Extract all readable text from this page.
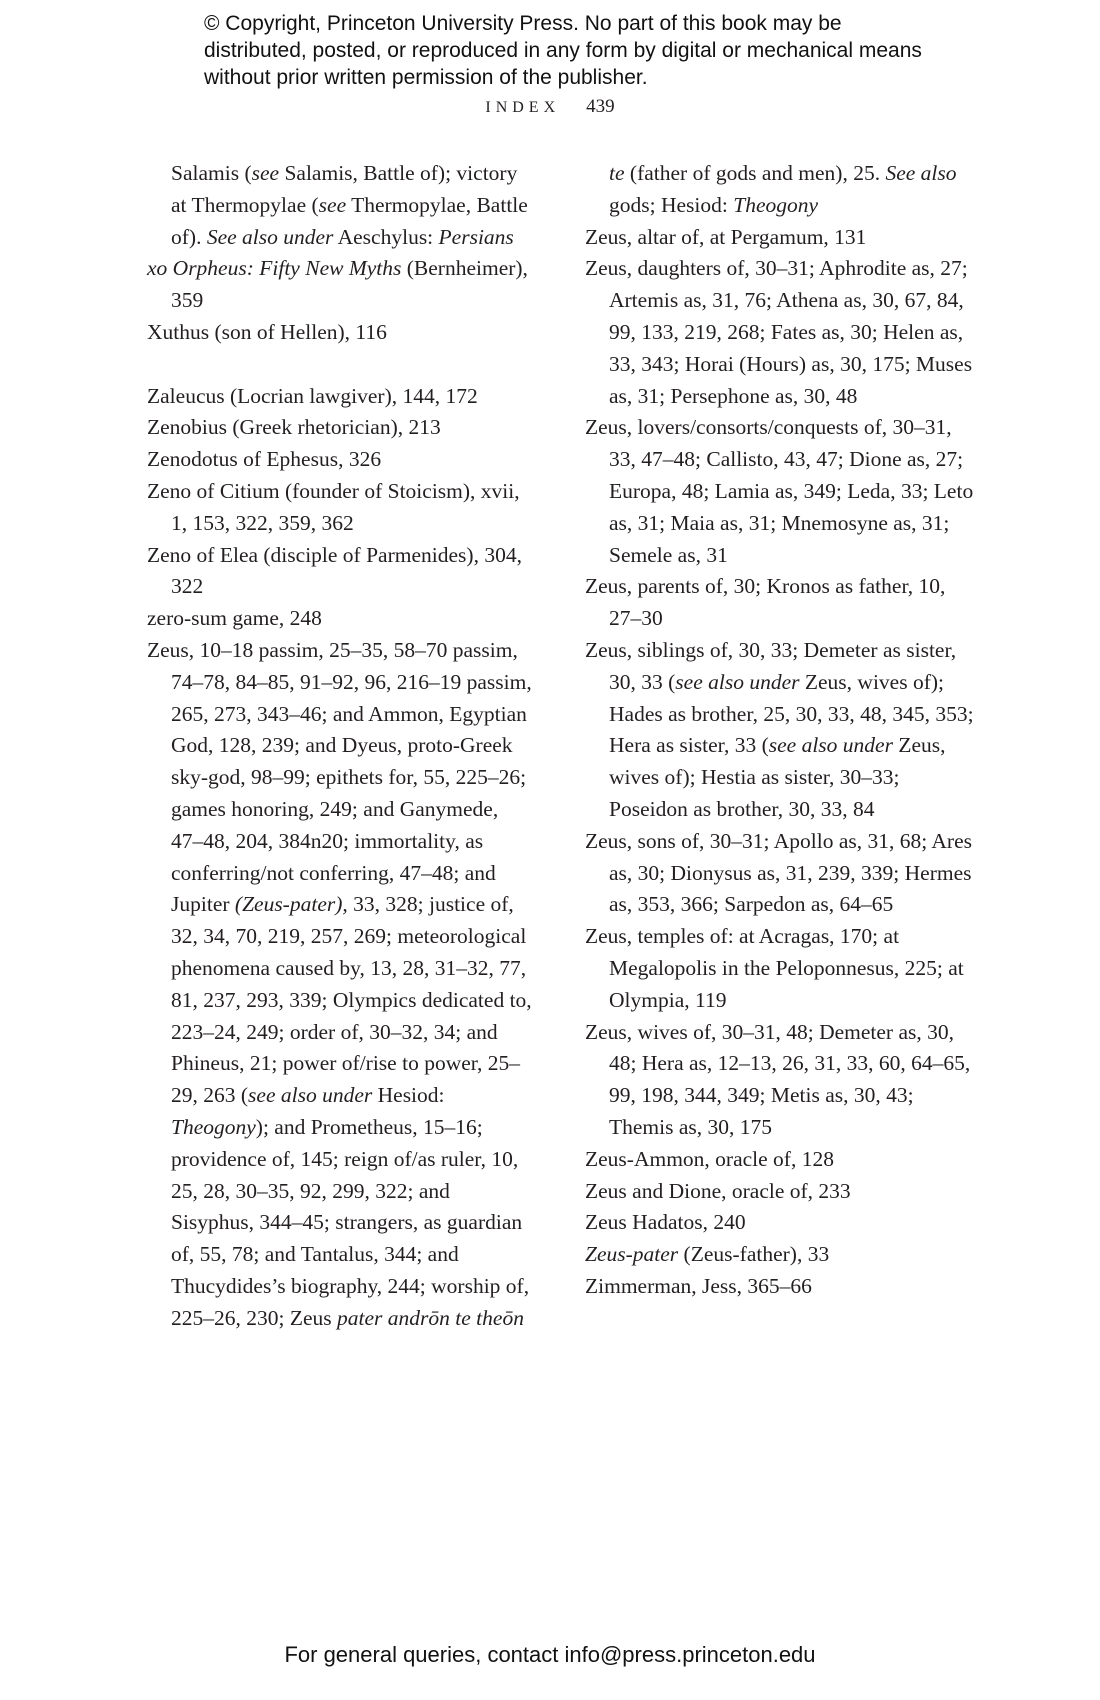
© Copyright, Princeton University Press. No part of this book may be distributed, posted, or reproduced in any form by digital or mechanical means without prior written permission of the publisher.
INDEX 439
Salamis (see Salamis, Battle of); victory at Thermopylae (see Thermopylae, Battle of). See also under Aeschylus: Persians
xo Orpheus: Fifty New Myths (Bernheimer), 359
Xuthus (son of Hellen), 116
Zaleucus (Locrian lawgiver), 144, 172
Zenobius (Greek rhetorician), 213
Zenodotus of Ephesus, 326
Zeno of Citium (founder of Stoicism), xvii, 1, 153, 322, 359, 362
Zeno of Elea (disciple of Parmenides), 304, 322
zero-sum game, 248
Zeus, 10–18 passim, 25–35, 58–70 passim, 74–78, 84–85, 91–92, 96, 216–19 passim, 265, 273, 343–46; and Ammon, Egyptian God, 128, 239; and Dyeus, proto-Greek sky-god, 98–99; epithets for, 55, 225–26; games honoring, 249; and Ganymede, 47–48, 204, 384n20; immortality, as conferring/not conferring, 47–48; and Jupiter (Zeus-pater), 33, 328; justice of, 32, 34, 70, 219, 257, 269; meteorological phenomena caused by, 13, 28, 31–32, 77, 81, 237, 293, 339; Olympics dedicated to, 223–24, 249; order of, 30–32, 34; and Phineus, 21; power of/rise to power, 25–29, 263 (see also under Hesiod: Theogony); and Prometheus, 15–16; providence of, 145; reign of/as ruler, 10, 25, 28, 30–35, 92, 299, 322; and Sisyphus, 344–45; strangers, as guardian of, 55, 78; and Tantalus, 344; and Thucydides’s biography, 244; worship of, 225–26, 230; Zeus pater andrōn te theōn
te (father of gods and men), 25. See also gods; Hesiod: Theogony
Zeus, altar of, at Pergamum, 131
Zeus, daughters of, 30–31; Aphrodite as, 27; Artemis as, 31, 76; Athena as, 30, 67, 84, 99, 133, 219, 268; Fates as, 30; Helen as, 33, 343; Horai (Hours) as, 30, 175; Muses as, 31; Persephone as, 30, 48
Zeus, lovers/consorts/conquests of, 30–31, 33, 47–48; Callisto, 43, 47; Dione as, 27; Europa, 48; Lamia as, 349; Leda, 33; Leto as, 31; Maia as, 31; Mnemosyne as, 31; Semele as, 31
Zeus, parents of, 30; Kronos as father, 10, 27–30
Zeus, siblings of, 30, 33; Demeter as sister, 30, 33 (see also under Zeus, wives of); Hades as brother, 25, 30, 33, 48, 345, 353; Hera as sister, 33 (see also under Zeus, wives of); Hestia as sister, 30–33; Poseidon as brother, 30, 33, 84
Zeus, sons of, 30–31; Apollo as, 31, 68; Ares as, 30; Dionysus as, 31, 239, 339; Hermes as, 353, 366; Sarpedon as, 64–65
Zeus, temples of: at Acragas, 170; at Megalopolis in the Peloponnesus, 225; at Olympia, 119
Zeus, wives of, 30–31, 48; Demeter as, 30, 48; Hera as, 12–13, 26, 31, 33, 60, 64–65, 99, 198, 344, 349; Metis as, 30, 43; Themis as, 30, 175
Zeus-Ammon, oracle of, 128
Zeus and Dione, oracle of, 233
Zeus Hadatos, 240
Zeus-pater (Zeus-father), 33
Zimmerman, Jess, 365–66
For general queries, contact info@press.princeton.edu
